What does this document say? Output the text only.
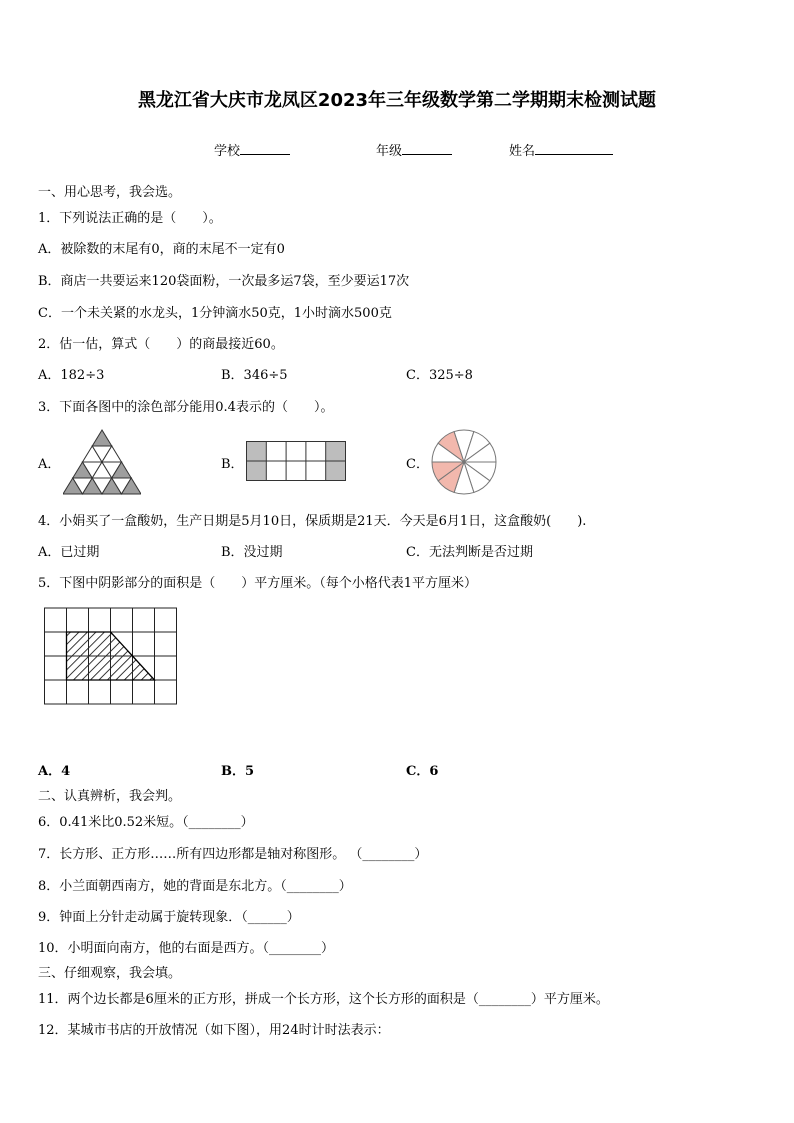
黑龙江省大庆市龙凤区2023年三年级数学第二学期期末检测试题
学校	年级	姓名
一、用心思考，我会选。
1．下列说法正确的是（　　）。
A．被除数的末尾有0，商的末尾不一定有0
B．商店一共要运来120袋面粉，一次最多运7袋，至少要运17次
C．一个未关紧的水龙头，1分钟滴水50克，1小时滴水500克
2．估一估，算式（　　）的商最接近60。
A．182÷3	B．346÷5	C．325÷8
3．下面各图中的涂色部分能用0.4表示的（　　）。
A．	B．	C．
4．小娟买了一盒酸奶，生产日期是5月10日，保质期是21天．今天是6月1日，这盒酸奶(　　).
A．已过期	B．没过期	C．无法判断是否过期
5．下图中阴影部分的面积是（　　）平方厘米。（每个小格代表1平方厘米）
A．4	B．5	C．6
二、认真辨析，我会判。
6．0.41米比0.52米短。（________）
7．长方形、正方形……所有四边形都是轴对称图形。 （________）
8．小兰面朝西南方，她的背面是东北方。（________）
9．钟面上分针走动属于旋转现象．（______）
10．小明面向南方，他的右面是西方。（________）
三、仔细观察，我会填。
11．两个边长都是6厘米的正方形，拼成一个长方形，这个长方形的面积是（________）平方厘米。
12．某城市书店的开放情况（如下图），用24时计时法表示：
